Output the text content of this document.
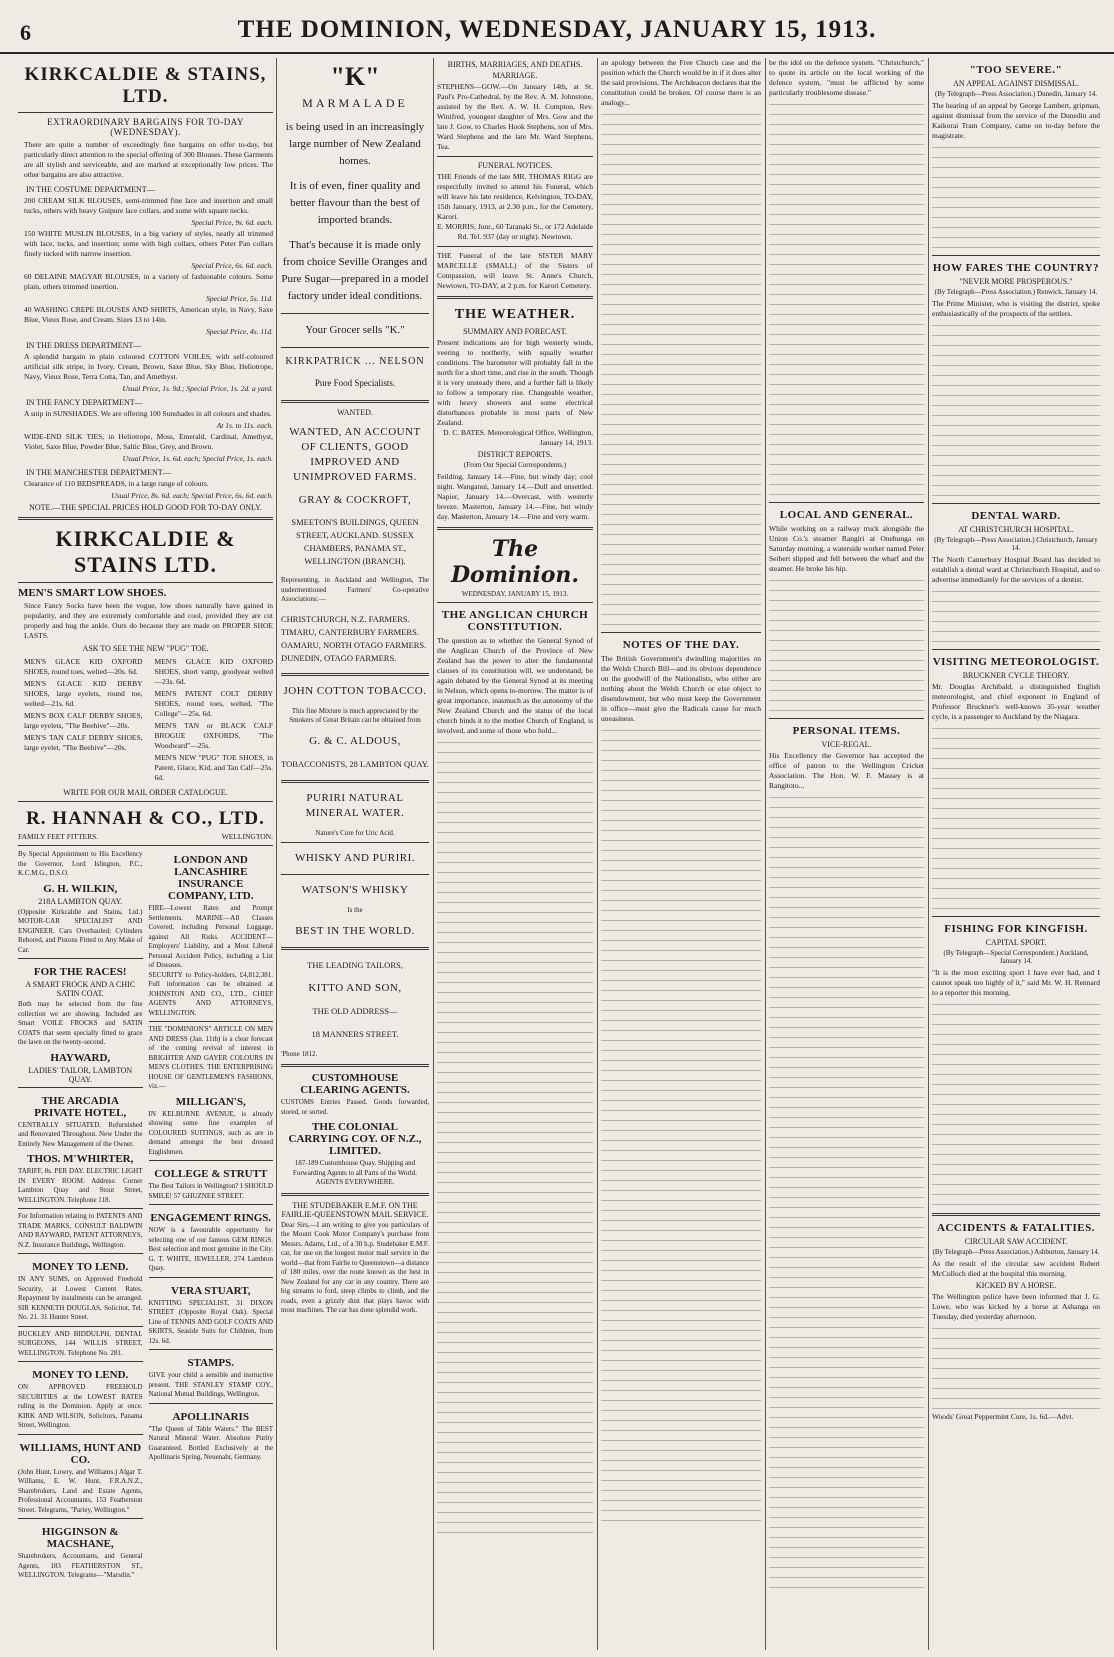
6	THE DOMINION, WEDNESDAY, JANUARY 15, 1913.
KIRKCALDIE & STAINS, LTD.
EXTRAORDINARY BARGAINS FOR TO-DAY (WEDNESDAY).
There are quite a number of exceedingly fine bargains on offer to-day, but particularly direct attention to the special offering of 300 Blouses. These Garments are all stylish and serviceable, and are marked at exceptionally low prices. The other bargains are also attractive.
IN THE COSTUME DEPARTMENT—
200 CREAM SILK BLOUSES, semi-trimmed fine lace and insertion and small tucks, others with heavy Guipure lace collars, and some with square necks.
Special Price, 9s. 6d. each.
150 WHITE MUSLIN BLOUSES, in a big variety of styles, neatly all trimmed with lace, tucks, and insertion; some with high collars, others Peter Pan collars finely tucked with narrow insertion.
Special Price, 6s. 6d. each.
60 DELAINE MAGYAR BLOUSES, in a variety of fashionable colours. Some plain, others trimmed insertion.
Special Price, 5s. 11d.
40 WASHING CREPE BLOUSES AND SHIRTS, American style, in Navy, Saxe Blue, Vieux Rose, and Cream. Sizes 13 to 14in.
Special Price, 4s. 11d.
IN THE DRESS DEPARTMENT—
A splendid bargain in plain coloured COTTON VOILES, with self-coloured artificial silk stripe, in Ivory, Cream, Brown, Saxe Blue, Sky Blue, Heliotrope, Navy, Vieux Rose, Terra Cotta, Tan, and Amethyst.
Usual Price, 1s. 9d.; Special Price, 1s. 2d. a yard.
IN THE FANCY DEPARTMENT—
A snip in SUNSHADES. We are offering 100 Sunshades in all colours and shades.
At 1s. to 11s. each.
WIDE-END SILK TIES, in Heliotrope, Moss, Emerald, Cardinal, Amethyst, Violet, Saxe Blue, Powder Blue, Saltic Blue, Grey, and Brown.
Usual Price, 1s. 6d. each; Special Price, 1s. each.
IN THE MANCHESTER DEPARTMENT—
Clearance of 110 BEDSPREADS, in a large range of colours.
Usual Price, 8s. 6d. each; Special Price, 6s. 6d. each.
NOTE.—THE SPECIAL PRICES HOLD GOOD FOR TO-DAY ONLY.
KIRKCALDIE & STAINS LTD.
MEN'S SMART LOW SHOES.
Since Fancy Socks have been the vogue, low shoes naturally have gained in popularity, and they are extremely comfortable and cool, provided they are cut properly and hug the ankle. Ours do because they are made on PROPER SHOE LASTS.
ASK TO SEE THE NEW "PUG" TOE.
MEN'S GLACE KID OXFORD SHOES, round toes, welted—20s. 6d.
MEN'S GLACE KID DERBY SHOES, large eyelets, round toe, welted—21s. 6d.
MEN'S BOX CALF DERBY SHOES, large eyelets, "The Beehive"—20s.
MEN'S TAN CALF DERBY SHOES, large eyelet, "The Beehive"—20s.
MEN'S GLACE KID OXFORD SHOES, short vamp, goodyear welted—23s. 6d.
MEN'S PATENT COLT DERBY SHOES, round toes, welted, "The College"—25s. 6d.
MEN'S TAN or BLACK CALF BROGUE OXFORDS, "The Woodward"—25s.
MEN'S NEW "PUG" TOE SHOES, in Patent, Glace, Kid, and Tan Calf—25s. 6d.
WRITE FOR OUR MAIL ORDER CATALOGUE.
R. HANNAH & CO., LTD.
FAMILY FEET FITTERS.	WELLINGTON.
By Special Appointment to His Excellency the Governor, Lord Islington, P.C., K.C.M.G., D.S.O.
G. H. WILKIN,
218A LAMBTON QUAY.
(Opposite Kirkcaldie and Stains, Ltd.) MOTOR-CAR SPECIALIST AND ENGINEER. Cars Overhauled; Cylinders Rebored, and Pistons Fitted to Any Make of Car.
FOR THE RACES!
A SMART FROCK AND A CHIC SATIN COAT.
Both may be selected from the fine collection we are showing. Included are Smart VOILE FROCKS and SATIN COATS that seem specially fitted to grace the lawn on the twenty-second.
HAYWARD,
LADIES' TAILOR, LAMBTON QUAY.
THE ARCADIA PRIVATE HOTEL,
CENTRALLY SITUATED. Refurnished and Renovated Throughout. New Under the Entirely New Management of the Owner.
THOS. M'WHIRTER,
TARIFF, 8s. PER DAY. ELECTRIC LIGHT IN EVERY ROOM. Address: Corner Lambton Quay and Stout Street, WELLINGTON. Telephone 118.
For Information relating to PATENTS AND TRADE MARKS, CONSULT BALDWIN AND RAYWARD, PATENT ATTORNEYS, N.Z. Insurance Buildings, Wellington.
MONEY TO LEND.
IN ANY SUMS, on Approved Freehold Security, at Lowest Current Rates. Repayment by instalments can be arranged. SIR KENNETH DOUGLAS, Solicitor, Tel. No. 21. 31 Hunter Street.
BUCKLEY AND BIDDULPH, DENTAL SURGEONS, 144 WILLIS STREET, WELLINGTON. Telephone No. 281.
MONEY TO LEND.
ON APPROVED FREEHOLD SECURITIES at the LOWEST RATES ruling in the Dominion. Apply at once. KIRK AND WILSON, Solicitors, Panama Street, Wellington.
WILLIAMS, HUNT AND CO.
(John Hunt, Lowry, and Williams.) Algar T. Williams, E. W. Hunt, F.R.A.N.Z., Sharebrokers, Land and Estate Agents, Professional Accountants, 153 Featherston Street. Telegrams, "Pariey, Wellington."
HIGGINSON & MACSHANE,
Sharebrokers, Accountants, and General Agents, 183 FEATHERSTON ST., WELLINGTON. Telegrams—"Marsdin."
LONDON AND LANCASHIRE INSURANCE COMPANY, LTD.
FIRE—Lowest Rates and Prompt Settlements. MARINE—All Classes Covered, including Personal Luggage, against All Risks. ACCIDENT—Employers' Liability, and a Most Liberal Personal Accident Policy, including a List of Diseases.
SECURITY to Policy-holders, £4,812,381. Full information can be obtained at JOHNSTON AND CO., LTD., CHIEF AGENTS AND ATTORNEYS, WELLINGTON.
THE "DOMINION'S" ARTICLE ON MEN AND DRESS (Jan. 11th) is a clear forecast of the coming revival of interest in BRIGHTER AND GAYER COLOURS IN MEN'S CLOTHES. THE ENTERPRISING HOUSE OF GENTLEMEN'S FASHIONS, viz.—
MILLIGAN'S,
IN KELBURNE AVENUE, is already showing some fine examples of COLOURED SUITINGS, such as are in demand amongst the best dressed Englishmen.
COLLEGE & STRUTT
The Best Tailors in Wellington? I SHOULD SMILE! 57 GHUZNEE STREET.
ENGAGEMENT RINGS.
NOW is a favourable opportunity for selecting one of our famous GEM RINGS. Best selection and most genuine in the City. G. T. WHITE, JEWELLER, 274 Lambton Quay.
VERA STUART,
KNITTING SPECIALIST, 31 DIXON STREET (Opposite Royal Oak). Special Line of TENNIS AND GOLF COATS AND SKIRTS, Seaside Suits for Children, from 12s. 6d.
STAMPS.
GIVE your child a sensible and instructive present. THE STANLEY STAMP COY., National Mutual Buildings, Wellington.
APOLLINARIS
"The Queen of Table Waters." The BEST Natural Mineral Water. Absolute Purity Guaranteed. Bottled Exclusively at the Apollinaris Spring, Neuenahr, Germany.
"K"
MARMALADE
is being used in an increasingly large number of New Zealand homes.
It is of even, finer quality and better flavour than the best of imported brands.
That's because it is made only from choice Seville Oranges and Pure Sugar—prepared in a model factory under ideal conditions.
Your Grocer sells "K."
KIRKPATRICK ... NELSON
Pure Food Specialists.
WANTED.
WANTED, AN ACCOUNT OF CLIENTS, GOOD IMPROVED AND UNIMPROVED FARMS.
GRAY & COCKROFT,
SMEETON'S BUILDINGS, QUEEN STREET, AUCKLAND. SUSSEX CHAMBERS, PANAMA ST., WELLINGTON (BRANCH).
Representing, in Auckland and Wellington, The undermentioned Farmers' Co-operative Associations:—
CHRISTCHURCH, N.Z. FARMERS.
TIMARU, CANTERBURY FARMERS.
OAMARU, NORTH OTAGO FARMERS.
DUNEDIN, OTAGO FARMERS.
JOHN COTTON TOBACCO.
This fine Mixture is much appreciated by the Smokers of Great Britain can be obtained from
G. & C. ALDOUS,
TOBACCONISTS, 28 LAMBTON QUAY.
PURIRI NATURAL MINERAL WATER.
Nature's Cure for Uric Acid.
WHISKY AND PURIRI.
WATSON'S WHISKY
Is the
BEST IN THE WORLD.
THE LEADING TAILORS,
KITTO AND SON,
THE OLD ADDRESS—
18 MANNERS STREET.
'Phone 1812.
CUSTOMHOUSE CLEARING AGENTS.
CUSTOMS Entries Passed. Goods forwarded, stored, or sorted.
THE COLONIAL CARRYING COY. OF N.Z., LIMITED.
187-189 Customhouse Quay. Shipping and Forwarding Agents to all Parts of the World. AGENTS EVERYWHERE.
THE STUDEBAKER E.M.F. ON THE FAIRLIE-QUEENSTOWN MAIL SERVICE.
Dear Sirs,—I am writing to give you particulars of the Mount Cook Motor Company's purchase from Messrs. Adams, Ltd., of a 30 h.p. Studebaker E.M.F. car, for use on the longest motor mail service in the world—that from Fairlie to Queenstown—a distance of 180 miles, over the route known as the best in New Zealand for any car in any country. There are big streams to ford, steep climbs to climb, and the roads, even a grizzly dust that plays havoc with most machines. The car has done splendid work.
BIRTHS, MARRIAGES, AND DEATHS.
MARRIAGE.
STEPHENS—GOW.—On January 14th, at St. Paul's Pro-Cathedral, by the Rev. A. M. Johnstone, assisted by the Rev. A. W. H. Compton, Rev. Winifred, youngest daughter of Mrs. Gow and the late J. Gow, to Charles Hook Stephens, son of Mrs. Ward Stephens and the late Mr. Ward Stephens, Tea.
FUNERAL NOTICES.
THE Friends of the late MR. THOMAS RIGG are respectfully invited to attend his Funeral, which will leave his late residence, Kelvington, TO-DAY, 15th January, 1913, at 2.30 p.m., for the Cemetery, Karori.
E. MORRIS, Junr., 60 Taranaki St., or 172 Adelaide Rd. Tel. 937 (day or night). Newtown.
THE Funeral of the late SISTER MARY MARCELLE (SMALL) of the Sisters of Compassion, will leave St. Anne's Church, Newtown, TO-DAY, at 2 p.m. for Karori Cemetery.
THE WEATHER.
SUMMARY AND FORECAST.
Present indications are for high westerly winds, veering to northerly, with squally weather conditions. The barometer will probably fall in the north for a short time, and rise in the south. Though it is very unsteady there, and a further fall is likely to follow a temporary rise. Changeable weather, with heavy showers and some electrical disturbances probable in most parts of New Zealand.
D. C. BATES. Meteorological Office, Wellington, January 14, 1913.
DISTRICT REPORTS.
(From Our Special Correspondents.)
Feilding, January 14.—Fine, but windy day; cool night. Wanganui, January 14.—Dull and unsettled. Napier, January 14.—Overcast, with westerly breeze. Masterton, January 14.—Fine, but windy day. Masterton, January 14.—Fine and very warm.
The Dominion.
WEDNESDAY, JANUARY 15, 1913.
THE ANGLICAN CHURCH CONSTITUTION.
The question as to whether the General Synod of the Anglican Church of the Province of New Zealand has the power to alter the fundamental clauses of its constitution will, we understand, be again debated by the General Synod at its meeting in Nelson, which opens to-morrow. The matter is of great importance, inasmuch as the autonomy of the New Zealand Church and the status of the local church binds it to the mother Church of England, is involved, and some of those who hold...
an apology between the Free Church case and the position which the Church would be in if it does alter the said provisions. The Archdeacon declares that the constitution could be broken. Of course there is an analogy...
NOTES OF THE DAY.
The British Government's dwindling majorities on the Welsh Church Bill—and its obvious dependence on the goodwill of the Nationalists, who either are nothing about the Welsh Church or else object to disendowment, but who must keep the Government in office—must give the Radicals cause for much uneasiness.
be the idol on the defence system. "Christchurch," to quote its article on the local working of the defence system, "must be afflicted by some particularly troublesome disease."
LOCAL AND GENERAL.
While working on a railway truck alongside the Union Co.'s steamer Rangiri at Onehunga on Saturday morning, a waterside worker named Peter Seibert slipped and fell between the wharf and the steamer. He broke his hip.
PERSONAL ITEMS.
VICE-REGAL.
His Excellency the Governor has accepted the office of patron to the Wellington Cricket Association. The Hon. W. F. Massey is at Rangitoto...
"TOO SEVERE."
AN APPEAL AGAINST DISMISSAL.
(By Telegraph—Press Association.) Dunedin, January 14.
The hearing of an appeal by George Lambert, gripman, against dismissal from the service of the Dunedin and Kaikorai Tram Company, came on to-day before the magistrate.
HOW FARES THE COUNTRY?
"NEVER MORE PROSPEROUS."
(By Telegraph—Press Association.) Renwick, January 14.
The Prime Minister, who is visiting the district, spoke enthusiastically of the prospects of the settlers.
DENTAL WARD.
AT CHRISTCHURCH HOSPITAL.
(By Telegraph—Press Association.) Christchurch, January 14.
The North Canterbury Hospital Board has decided to establish a dental ward at Christchurch Hospital, and to advertise immediately for the services of a dentist.
VISITING METEOROLOGIST.
BRUCKNER CYCLE THEORY.
Mr. Douglas Archibald, a distinguished English meteorologist, and chief exponent in England of Professor Bruckner's well-known 35-year weather cycle, is a passenger to Auckland by the Niagara.
FISHING FOR KINGFISH.
CAPITAL SPORT.
(By Telegraph—Special Correspondent.) Auckland, January 14.
"It is the most exciting sport I have ever had, and I cannot speak too highly of it," said Mr. W. H. Rennard to a reporter this morning.
ACCIDENTS & FATALITIES.
CIRCULAR SAW ACCIDENT.
(By Telegraph—Press Association.) Ashburton, January 14.
As the result of the circular saw accident Robert McCulloch died at the hospital this morning.
KICKED BY A HORSE.
The Wellington police have been informed that J. G. Lowe, who was kicked by a horse at Ashanga on Tuesday, died yesterday afternoon.
Woods' Great Peppermint Cure, 1s. 6d.—Advt.
